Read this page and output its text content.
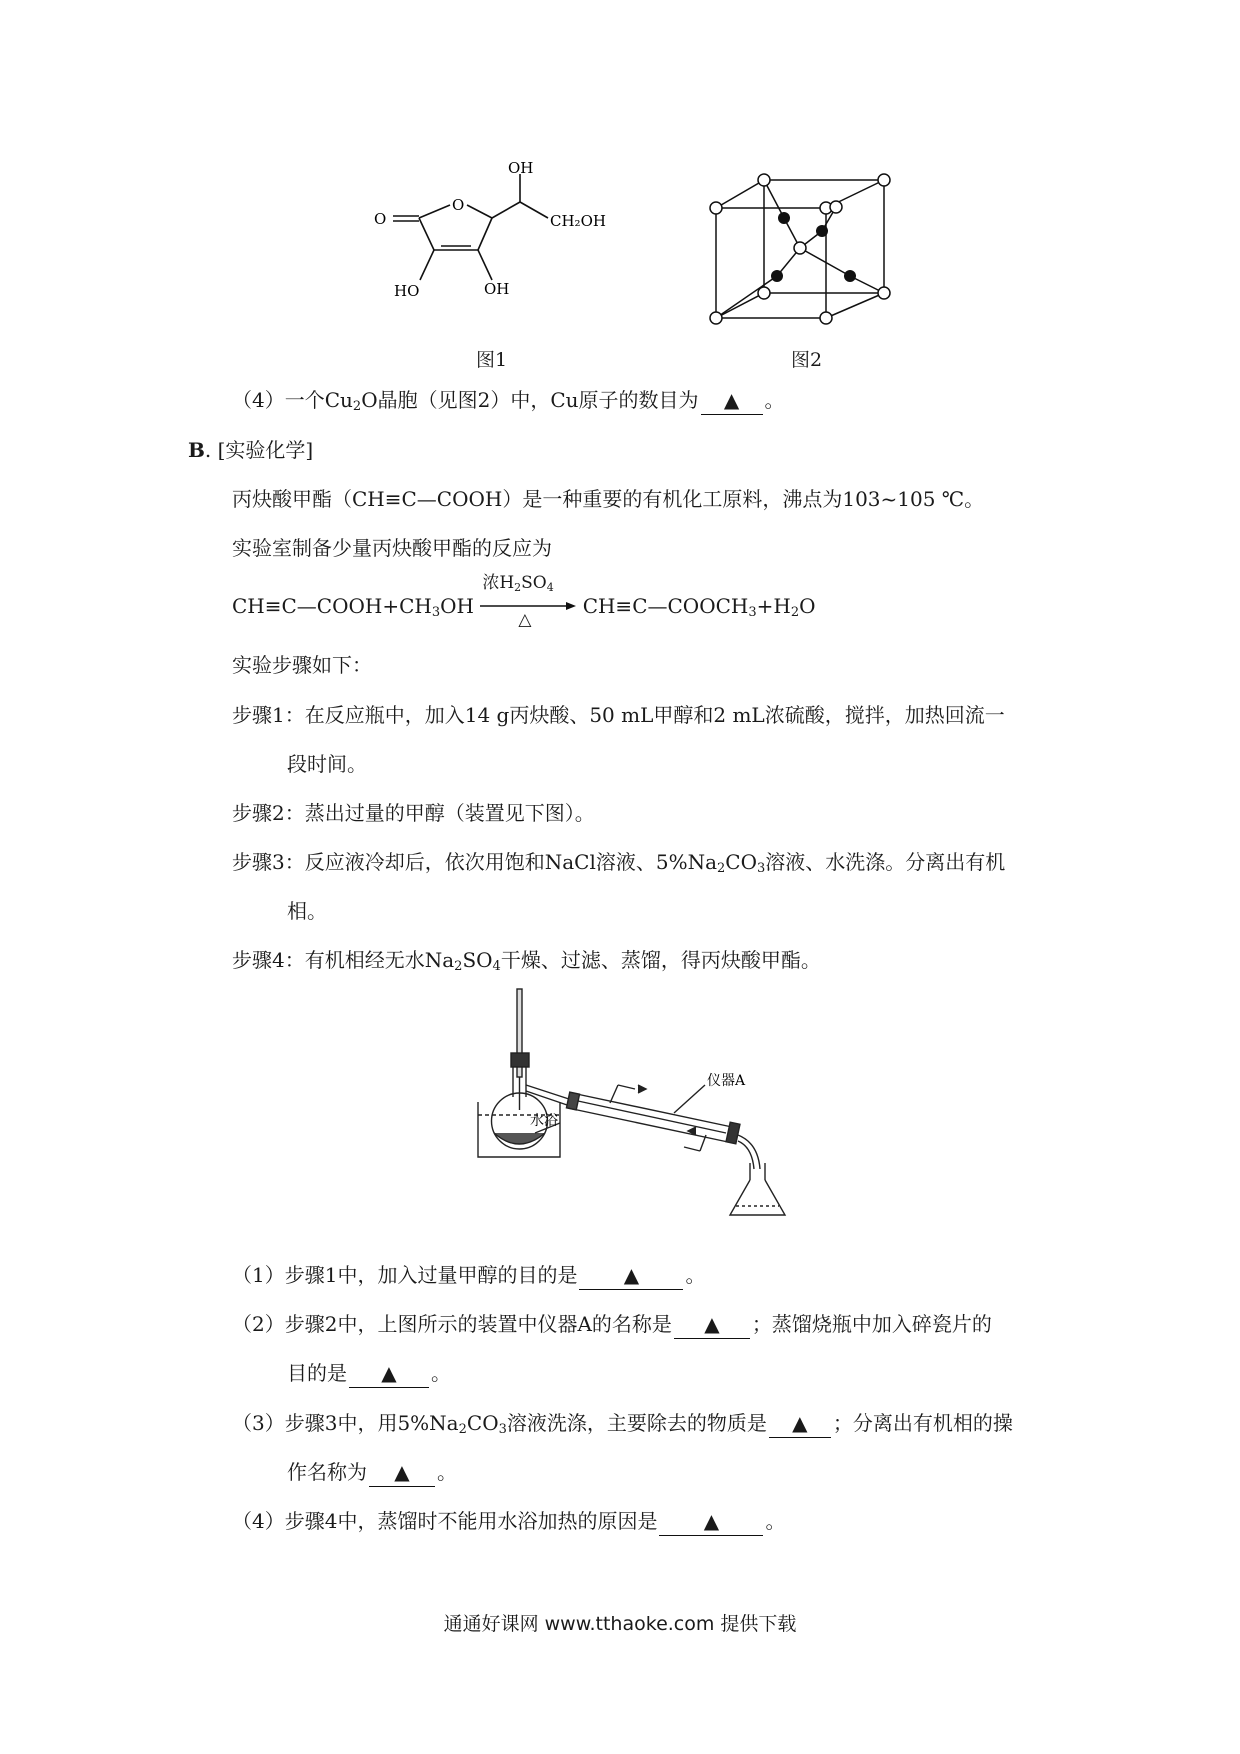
OH
CH₂OH
O
O
HO	OH
图1	图2
（4）一个$Cu_2O$晶胞（见图2）中，Cu原子的数目为 ▲ 。
B. [实验化学]
丙炔酸甲酯（CH≡C—COOH）是一种重要的有机化工原料，沸点为103~105 ℃。
实验室制备少量丙炔酸甲酯的反应为
$CH\equiv C—COOH+CH_3OH$
浓$H_2SO_4$
△
$CH\equiv C—COOCH_3+H_2O$
实验步骤如下：
步骤1：在反应瓶中，加入14 g丙炔酸、50 mL甲醇和2 mL浓硫酸，搅拌，加热回流一
段时间。
步骤2：蒸出过量的甲醇（装置见下图）。
步骤3：反应液冷却后，依次用饱和NaCl溶液、$5\%Na_2CO_3$溶液、水洗涤。分离出有机
相。
步骤4：有机相经无水$Na_2SO_4$干燥、过滤、蒸馏，得丙炔酸甲酯。
仪器A
水浴
（1）步骤1中，加入过量甲醇的目的是 ▲ 。
（2）步骤2中，上图所示的装置中仪器A的名称是 ▲ ；蒸馏烧瓶中加入碎瓷片的
目的是 ▲ 。
（3）步骤3中，用$5\%Na_2CO_3$溶液洗涤，主要除去的物质是 ▲ ；分离出有机相的操
作名称为 ▲ 。
（4）步骤4中，蒸馏时不能用水浴加热的原因是 ▲ 。
通通好课网 www.tthaoke.com 提供下载
